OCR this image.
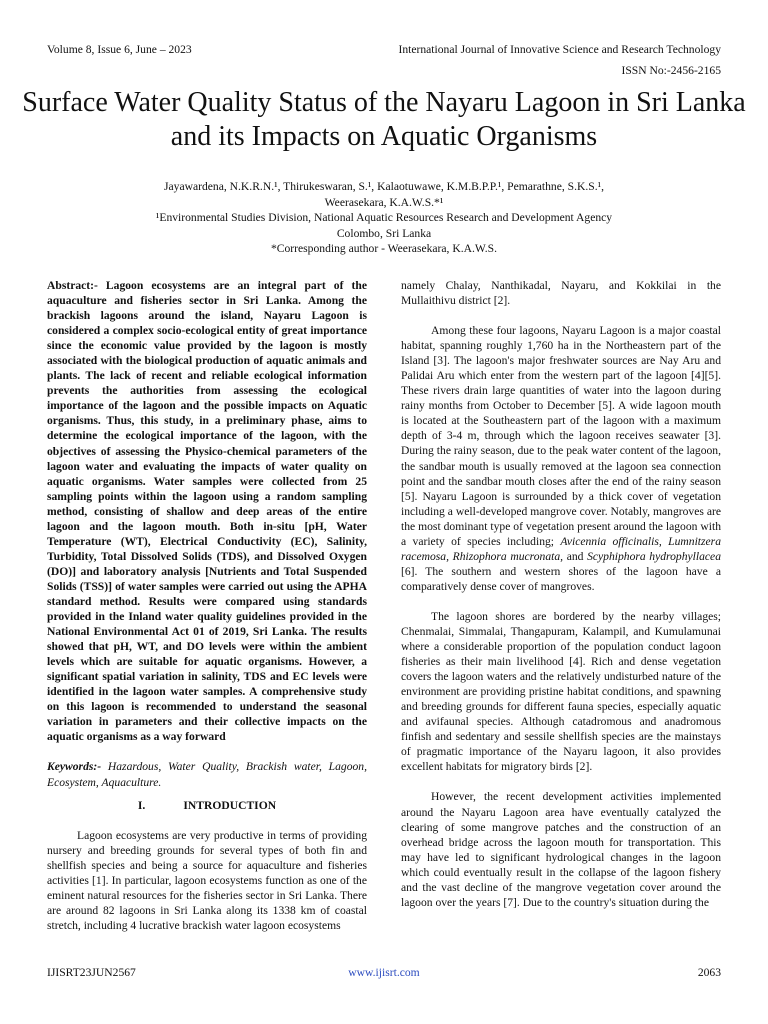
Volume 8, Issue 6, June – 2023	International Journal of Innovative Science and Research Technology
ISSN No:-2456-2165
Surface Water Quality Status of the Nayaru Lagoon in Sri Lanka and its Impacts on Aquatic Organisms
Jayawardena, N.K.R.N.¹, Thirukeswaran, S.¹, Kalaotuwawe, K.M.B.P.P.¹, Pemarathne, S.K.S.¹,
Weerasekara, K.A.W.S.*¹
¹Environmental Studies Division, National Aquatic Resources Research and Development Agency
Colombo, Sri Lanka
*Corresponding author - Weerasekara, K.A.W.S.

Abstract:- Lagoon ecosystems are an integral part of the aquaculture and fisheries sector in Sri Lanka. Among the brackish lagoons around the island, Nayaru Lagoon is considered a complex socio-ecological entity of great importance since the economic value provided by the lagoon is mostly associated with the biological production of aquatic animals and plants. The lack of recent and reliable ecological information prevents the authorities from assessing the ecological importance of the lagoon and the possible impacts on Aquatic organisms. Thus, this study, in a preliminary phase, aims to determine the ecological importance of the lagoon, with the objectives of assessing the Physico-chemical parameters of the lagoon water and evaluating the impacts of water quality on aquatic organisms. Water samples were collected from 25 sampling points within the lagoon using a random sampling method, consisting of shallow and deep areas of the entire lagoon and the lagoon mouth. Both in-situ [pH, Water Temperature (WT), Electrical Conductivity (EC), Salinity, Turbidity, Total Dissolved Solids (TDS), and Dissolved Oxygen (DO)] and laboratory analysis [Nutrients and Total Suspended Solids (TSS)] of water samples were carried out using the APHA standard method. Results were compared using standards provided in the Inland water quality guidelines provided in the National Environmental Act 01 of 2019, Sri Lanka. The results showed that pH, WT, and DO levels were within the ambient levels which are suitable for aquatic organisms. However, a significant spatial variation in salinity, TDS and EC levels were identified in the lagoon water samples. A comprehensive study on this lagoon is recommended to understand the seasonal variation in parameters and their collective impacts on the aquatic organisms as a way forward

Keywords:- Hazardous, Water Quality, Brackish water, Lagoon, Ecosystem, Aquaculture.

I.	INTRODUCTION

Lagoon ecosystems are very productive in terms of providing nursery and breeding grounds for several types of both fin and shellfish species and being a source for aquaculture and fisheries activities [1]. In particular, lagoon ecosystems function as one of the eminent natural resources for the fisheries sector in Sri Lanka. There are around 82 lagoons in Sri Lanka along its 1338 km of coastal stretch, including 4 lucrative brackish water lagoon ecosystems

namely Chalay, Nanthikadal, Nayaru, and Kokkilai in the Mullaithivu district [2].

Among these four lagoons, Nayaru Lagoon is a major coastal habitat, spanning roughly 1,760 ha in the Northeastern part of the Island [3]. The lagoon's major freshwater sources are Nay Aru and Palidai Aru which enter from the western part of the lagoon [4][5]. These rivers drain large quantities of water into the lagoon during rainy months from October to December [5]. A wide lagoon mouth is located at the Southeastern part of the lagoon with a maximum depth of 3-4 m, through which the lagoon receives seawater [3]. During the rainy season, due to the peak water content of the lagoon, the sandbar mouth is usually removed at the lagoon sea connection point and the sandbar mouth closes after the end of the rainy season [5]. Nayaru Lagoon is surrounded by a thick cover of vegetation including a well-developed mangrove cover. Notably, mangroves are the most dominant type of vegetation present around the lagoon with a variety of species including; Avicennia officinalis, Lumnitzera racemosa, Rhizophora mucronata, and Scyphiphora hydrophyllacea [6]. The southern and western shores of the lagoon have a comparatively dense cover of mangroves.

The lagoon shores are bordered by the nearby villages; Chenmalai, Simmalai, Thangapuram, Kalampil, and Kumulamunai where a considerable proportion of the population conduct lagoon fisheries as their main livelihood [4]. Rich and dense vegetation covers the lagoon waters and the relatively undisturbed nature of the environment are providing pristine habitat conditions, and spawning and breeding grounds for different fauna species, especially aquatic and avifaunal species. Although catadromous and anadromous finfish and sedentary and sessile shellfish species are the mainstays of pragmatic importance of the Nayaru lagoon, it also provides excellent habitats for migratory birds [2].

However, the recent development activities implemented around the Nayaru Lagoon area have eventually catalyzed the clearing of some mangrove patches and the construction of an overhead bridge across the lagoon mouth for transportation. This may have led to significant hydrological changes in the lagoon which could eventually result in the collapse of the lagoon fishery and the vast decline of the mangrove vegetation cover around the lagoon over the years [7]. Due to the country's situation during the

IJISRT23JUN2567	www.ijisrt.com	2063
